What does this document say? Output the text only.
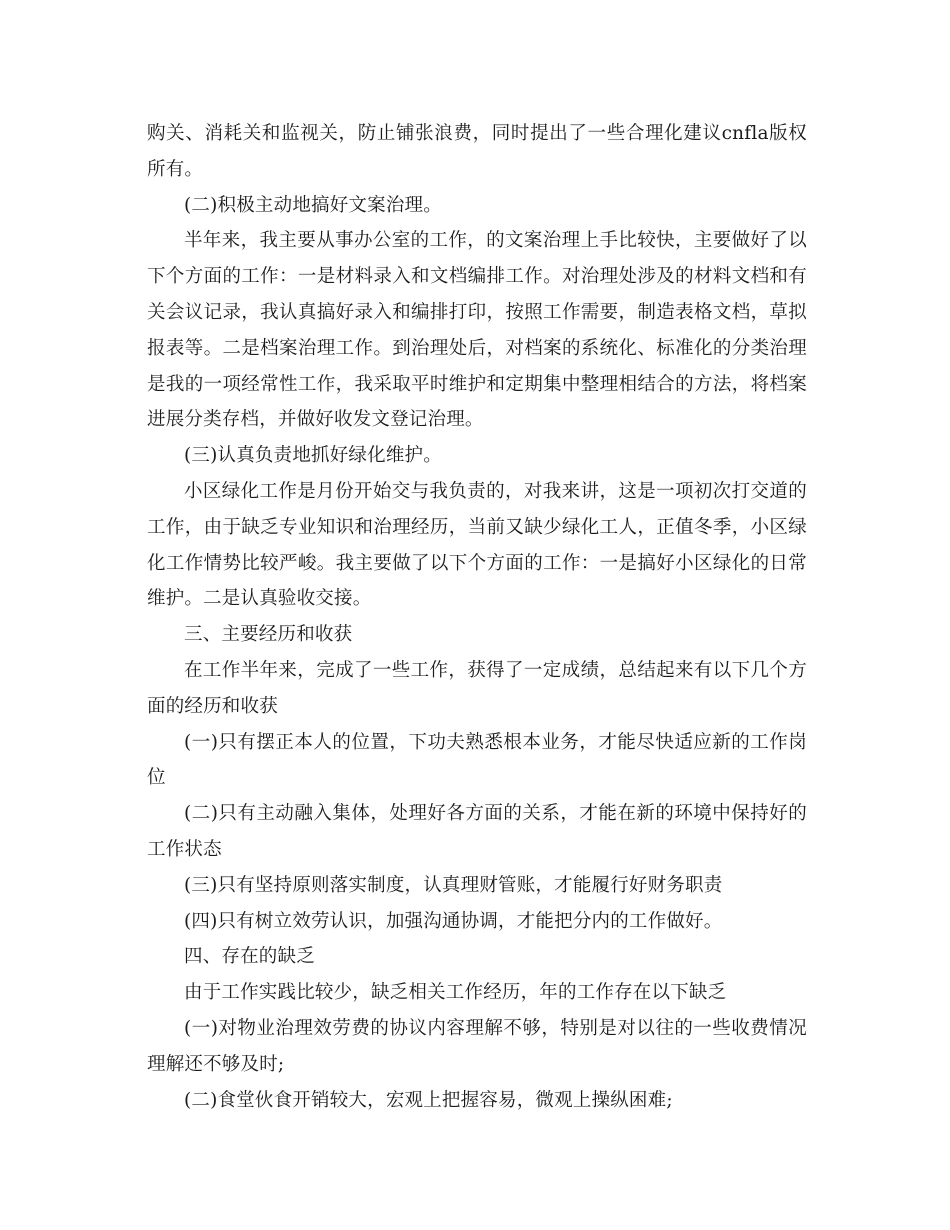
购关、消耗关和监视关，防止铺张浪费，同时提出了一些合理化建议cnfla版权
所有。
(二)积极主动地搞好文案治理。
半年来，我主要从事办公室的工作，的文案治理上手比较快，主要做好了以
下个方面的工作：一是材料录入和文档编排工作。对治理处涉及的材料文档和有
关会议记录，我认真搞好录入和编排打印，按照工作需要，制造表格文档，草拟
报表等。二是档案治理工作。到治理处后，对档案的系统化、标准化的分类治理
是我的一项经常性工作，我采取平时维护和定期集中整理相结合的方法，将档案
进展分类存档，并做好收发文登记治理。
(三)认真负责地抓好绿化维护。
小区绿化工作是月份开始交与我负责的，对我来讲，这是一项初次打交道的
工作，由于缺乏专业知识和治理经历，当前又缺少绿化工人，正值冬季，小区绿
化工作情势比较严峻。我主要做了以下个方面的工作：一是搞好小区绿化的日常
维护。二是认真验收交接。
三、主要经历和收获
在工作半年来，完成了一些工作，获得了一定成绩，总结起来有以下几个方
面的经历和收获
(一)只有摆正本人的位置，下功夫熟悉根本业务，才能尽快适应新的工作岗
位
(二)只有主动融入集体，处理好各方面的关系，才能在新的环境中保持好的
工作状态
(三)只有坚持原则落实制度，认真理财管账，才能履行好财务职责
(四)只有树立效劳认识，加强沟通协调，才能把分内的工作做好。
四、存在的缺乏
由于工作实践比较少，缺乏相关工作经历，年的工作存在以下缺乏
(一)对物业治理效劳费的协议内容理解不够，特别是对以往的一些收费情况
理解还不够及时;
(二)食堂伙食开销较大，宏观上把握容易，微观上操纵困难;
